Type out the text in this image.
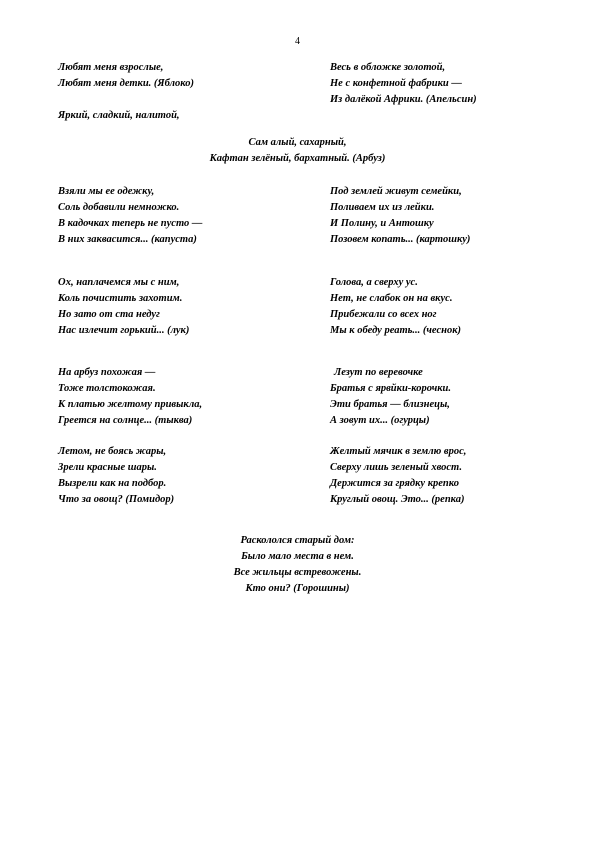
4
Любят меня взрослые,
Любят меня детки. (Яблоко)
Весь в обложке золотой,
Не с конфетной фабрики —
Из далёкой Африки. (Апельсин)
Яркий, сладкий, налитой,
Сам алый, сахарный,
Кафтан зелёный, бархатный. (Арбуз)
Взяли мы ее одежку,
Соль добавили немножко.
В кадочках теперь не пусто —
В них заквасится... (капуста)
Под землей живут семейки,
Поливаем их из лейки.
И Полину, и Антошку
Позовем копать... (картошку)
Ох, наплачемся мы с ним,
Коль почистить захотим.
Но зато от ста недуг
Нас излечит горький... (лук)
Голова, а сверху ус.
Нет, не слабок он на вкус.
Прибежали со всех ног
Мы к обеду реать... (чеснок)
На арбуз похожая —
Тоже толстокожая.
К платью желтому привыкла,
Греется на солнце... (тыква)
Лезут по веревочке
Братья с ярвйки-корочки.
Эти братья — близнецы,
А зовут их... (огурцы)
Летом, не боясь жары,
Зрели красные шары.
Вызрели как на подбор.
Что за овощ? (Помидор)
Желтый мячик в землю врос,
Сверху лишь зеленый хвост.
Держится за грядку крепко
Круглый овощ. Это... (репка)
Раскололся старый дом:
Было мало места в нем.
Все жильцы встревожены.
Кто они? (Горошины)
